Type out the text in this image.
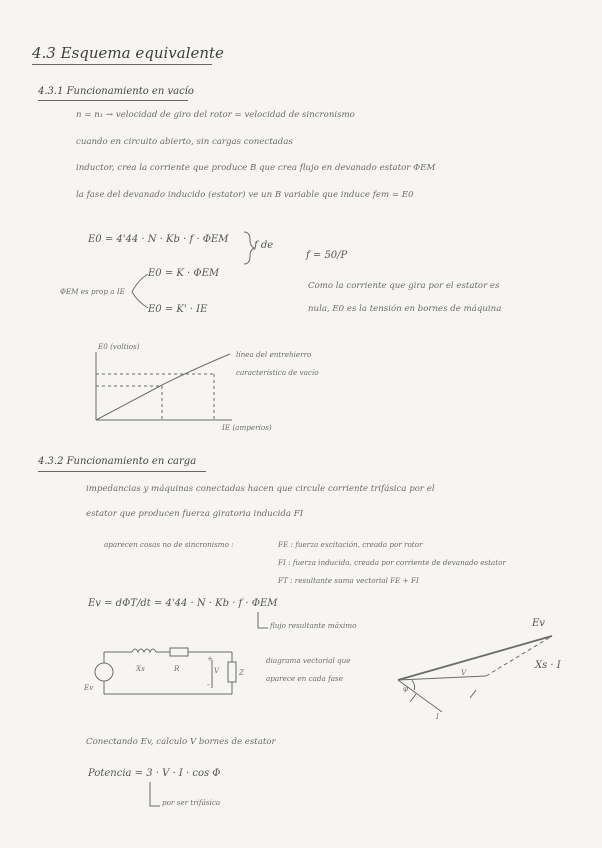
4.3 Esquema equivalente
4.3.1 Funcionamiento en vacío
n = n₁ → velocidad de giro del rotor = velocidad de sincronismo
cuando en circuito abierto, sin cargas conectadas
inductor, crea la corriente que produce B que crea flujo en devanado estator ΦEM
la fase del devanado inducido (estator) ve un B variable que induce fem = E0
E0 = 4'44 · N · Kb · f · ΦEM
f de
f = 50/P
ΦEM es prop a IE
E0 = K · ΦEM
E0 = K' · IE
Como la corriente que gira por el estator es
nula, E0 es la tensión en bornes de máquina
E0 (voltios)
IE (amperios)
línea del entrehierro
característica de vacío
4.3.2 Funcionamiento en carga
impedancias y máquinas conectadas hacen que circule corriente trifásica por el
estator que producen fuerza giratoria inducida FI
aparecen cosas no de sincronismo :	FE : fuerza excitación, creada por rotor
FI : fuerza inducida, creada por corriente de devanado estator
FT : resultante suma vectorial FE + FI
Ev = dΦT/dt = 4'44 · N · Kb · f · ΦEM
flujo resultante máximo
Xs	R	Z
V
Ev
+
-
diagrama vectorial que
aparece en cada fase
Ev
V
Xs · I
I
φ
Conectando Ev, calculo V bornes de estator
Potencia = 3 · V · I · cos Φ
por ser trifásica
